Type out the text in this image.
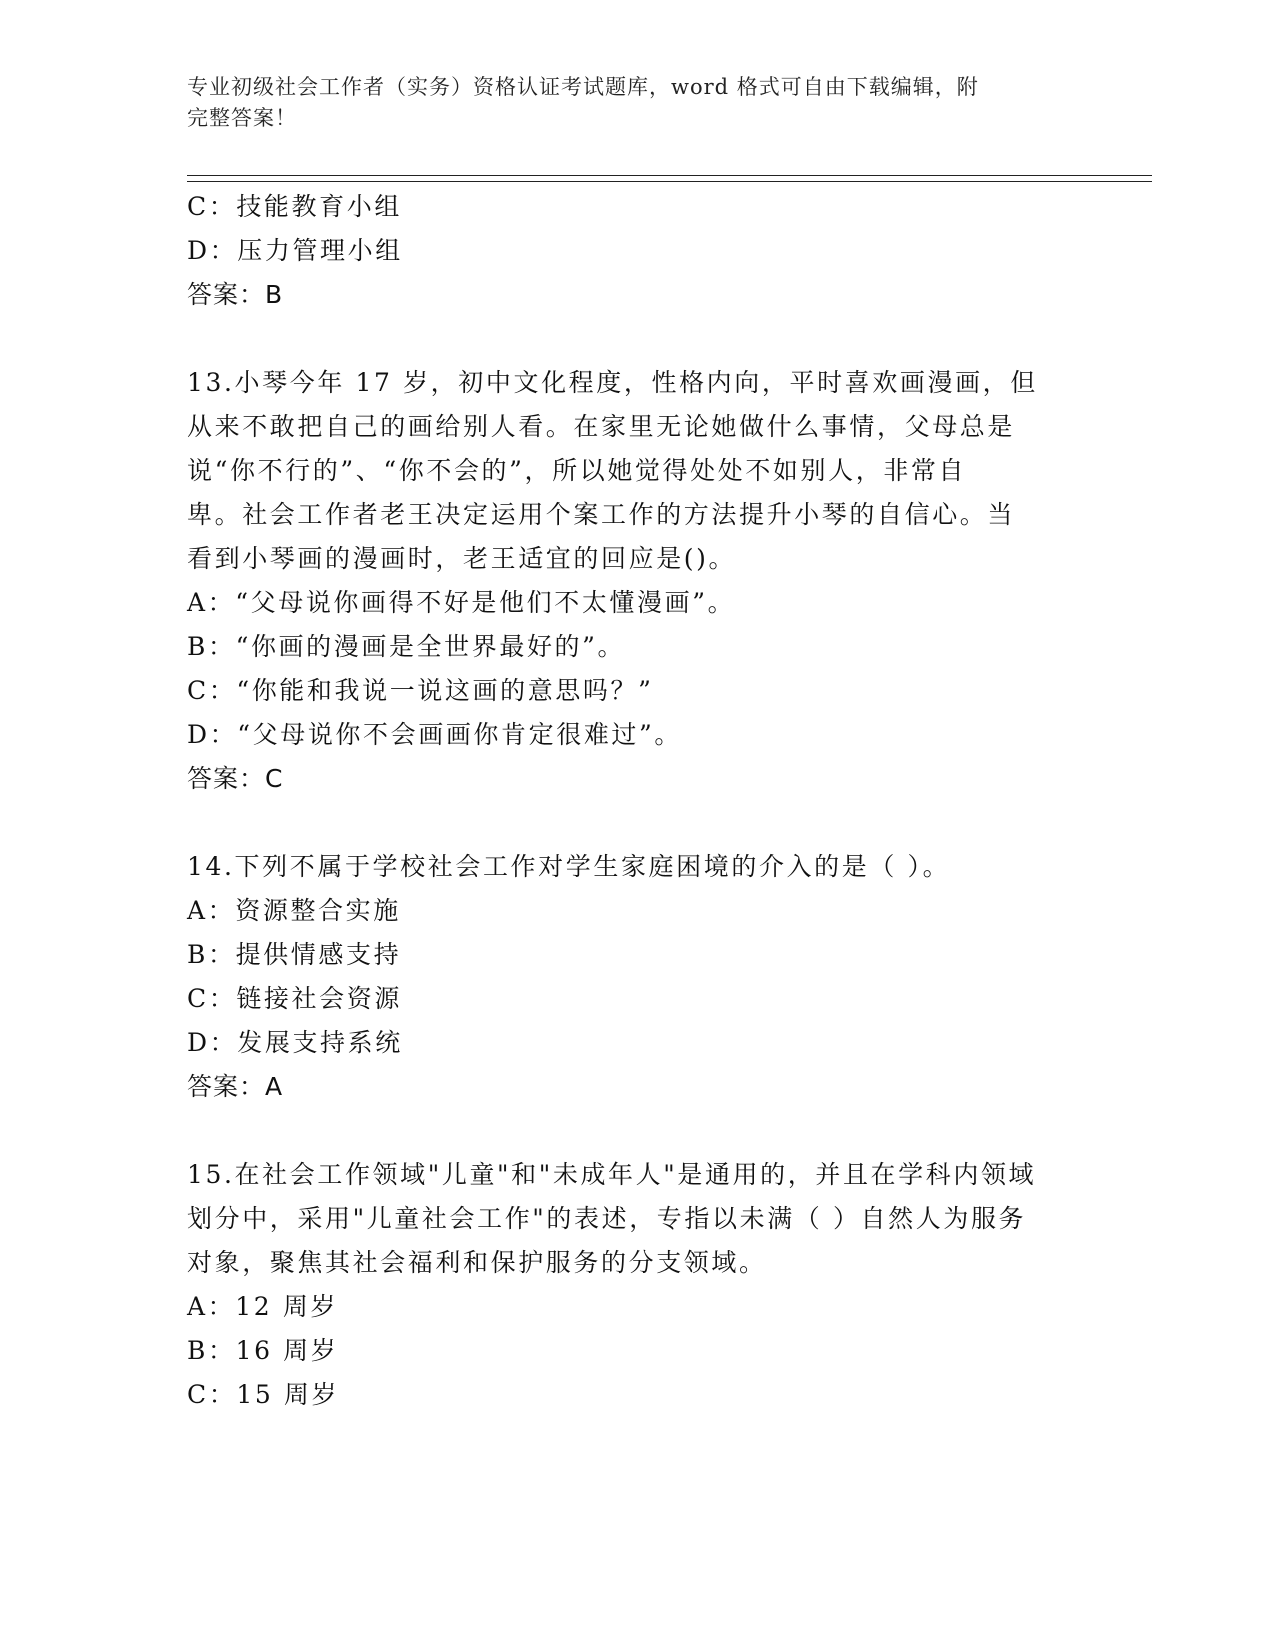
专业初级社会工作者（实务）资格认证考试题库，word 格式可自由下载编辑，附
完整答案！
C：技能教育小组
D：压力管理小组
答案：B
13.小琴今年 17 岁，初中文化程度，性格内向，平时喜欢画漫画，但
从来不敢把自己的画给别人看。在家里无论她做什么事情，父母总是
说“你不行的”、“你不会的”，所以她觉得处处不如别人，非常自
卑。社会工作者老王决定运用个案工作的方法提升小琴的自信心。当
看到小琴画的漫画时，老王适宜的回应是()。
A：“父母说你画得不好是他们不太懂漫画”。
B：“你画的漫画是全世界最好的”。
C：“你能和我说一说这画的意思吗？”
D：“父母说你不会画画你肯定很难过”。
答案：C
14.下列不属于学校社会工作对学生家庭困境的介入的是（ ）。
A：资源整合实施
B：提供情感支持
C：链接社会资源
D：发展支持系统
答案：A
15.在社会工作领域"儿童"和"未成年人"是通用的，并且在学科内领域
划分中，采用"儿童社会工作"的表述，专指以未满（ ）自然人为服务
对象，聚焦其社会福利和保护服务的分支领域。
A：12 周岁
B：16 周岁
C：15 周岁
